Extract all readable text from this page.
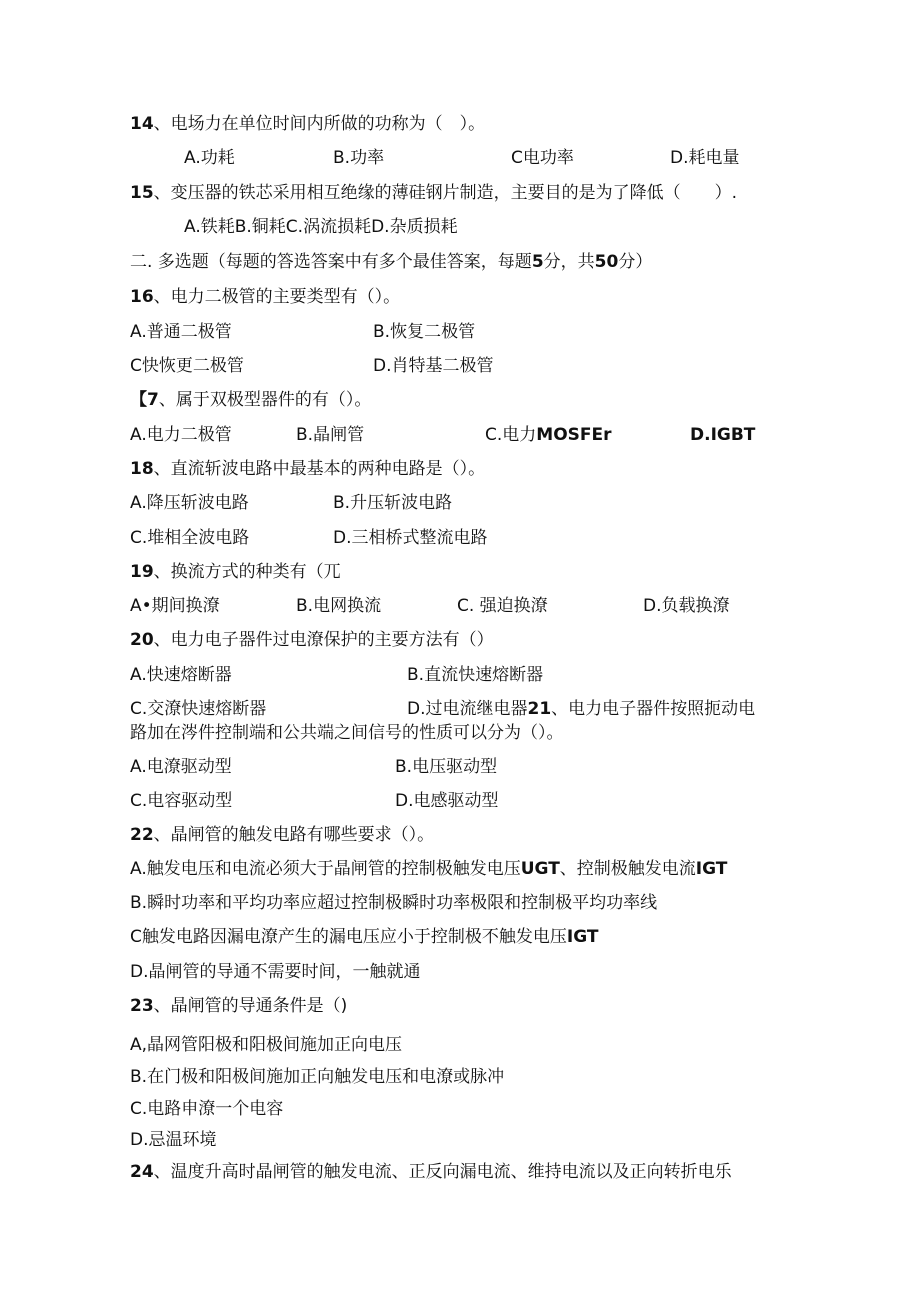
14、电场力在单位时间内所做的功称为（　）。
A.功耗	B.功率	C电功率	D.耗电量
15、变压器的铁芯采用相互绝缘的薄硅钢片制造，主要目的是为了降低（　　）.
A.铁耗B.铜耗C.涡流损耗D.杂质损耗
二. 多选题（每题的答选答案中有多个最佳答案，每题5分，共50分）
16、电力二极管的主要类型有（）。
A.普通二极管	B.恢复二极管
C快恢更二极管	D.肖特基二极管
【7、属于双极型器件的有（）。
A.电力二极管	B.晶闸管	C.电力MOSFEr	D.IGBT
18、直流斩波电路中最基本的两种电路是（）。
A.降压斩波电路	B.升压斩波电路
C.堆相全波电路	D.三相桥式整流电路
19、换流方式的种类有（兀
A•期间换潦	B.电网换流	C. 强迫换潦	D.负载换潦
20、电力电子器件过电潦保护的主要方法有（）
A.快速熔断器	B.直流快速熔断器
C.交潦快速熔断器	D.过电流继电器21、电力电子器件按照扼动电
路加在涔件控制端和公共端之间信号的性质可以分为（）。
A.电潦驱动型	B.电压驱动型
C.电容驱动型	D.电感驱动型
22、晶闸管的触发电路有哪些要求（）。
A.触发电压和电流必须大于晶闸管的控制极触发电压UGT、控制极触发电流IGT
B.瞬时功率和平均功率应超过控制极瞬时功率极限和控制极平均功率线
C触发电路因漏电潦产生的漏电压应小于控制极不触发电压IGT
D.晶闸管的导通不需要时间，一触就通
23、晶闸管的导通条件是（)
A,晶网管阳极和阳极间施加正向电压
B.在门极和阳极间施加正向触发电压和电潦或脉冲
C.电路申潦一个电容
D.忌温环境
24、温度升高时晶闸管的触发电流、正反向漏电流、维持电流以及正向转折电乐
